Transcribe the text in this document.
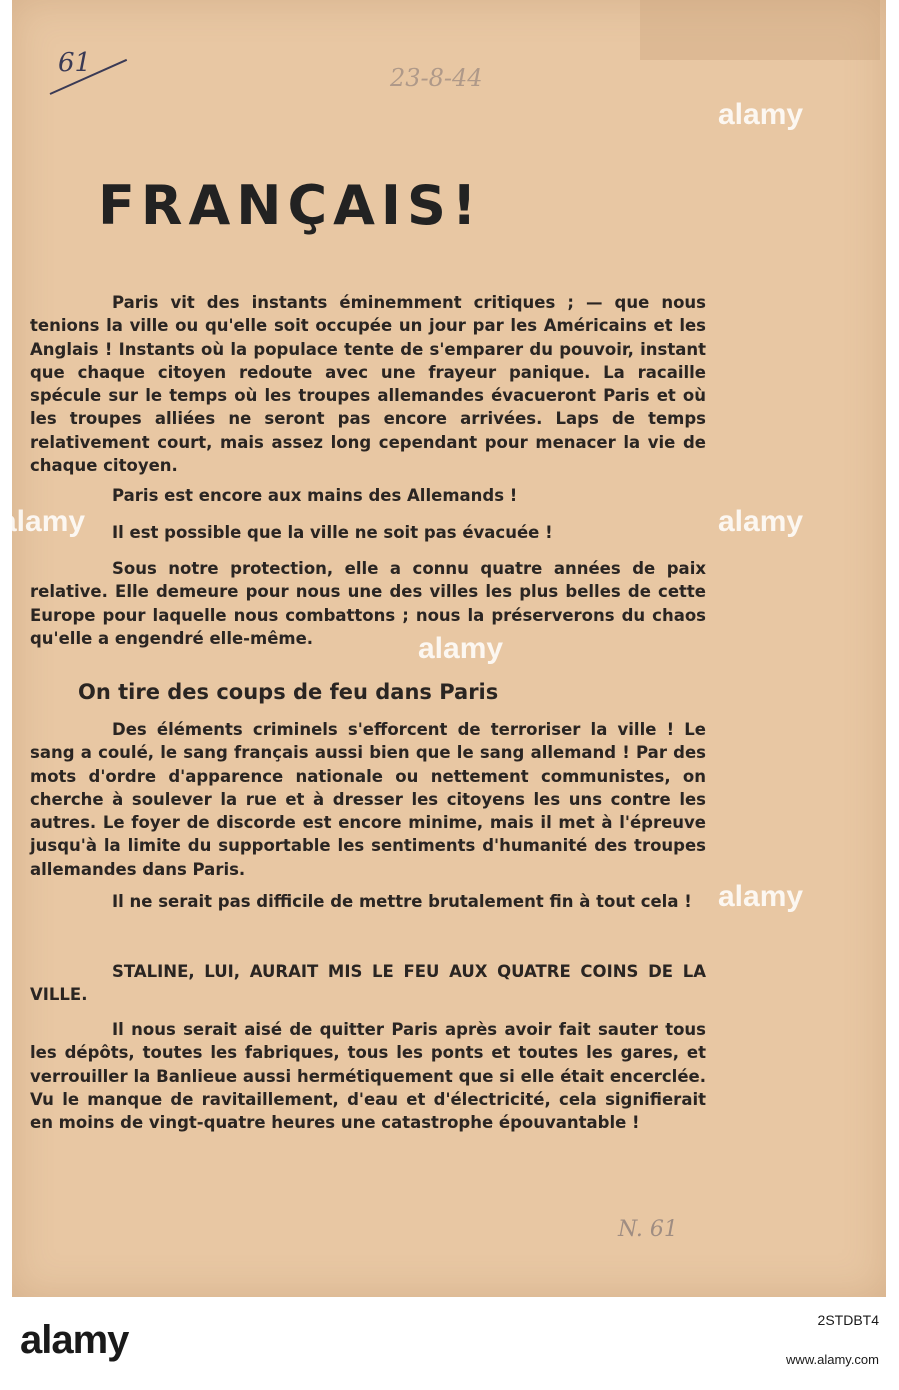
61	23-8-44
FRANÇAIS!

Paris vit des instants éminemment critiques ; — que nous tenions la ville ou qu'elle soit occupée un jour par les Américains et les Anglais ! Instants où la populace tente de s'emparer du pouvoir, instant que chaque citoyen redoute avec une frayeur panique. La racaille spécule sur le temps où les troupes allemandes évacueront Paris et où les troupes alliées ne seront pas encore arrivées. Laps de temps relativement court, mais assez long cependant pour menacer la vie de chaque citoyen.

Paris est encore aux mains des Allemands !

Il est possible que la ville ne soit pas évacuée !

Sous notre protection, elle a connu quatre années de paix relative. Elle demeure pour nous une des villes les plus belles de cette Europe pour laquelle nous combattons ; nous la préserverons du chaos qu'elle a engendré elle-même.

On tire des coups de feu dans Paris

Des éléments criminels s'efforcent de terroriser la ville ! Le sang a coulé, le sang français aussi bien que le sang allemand ! Par des mots d'ordre d'apparence nationale ou nettement communistes, on cherche à soulever la rue et à dresser les citoyens les uns contre les autres. Le foyer de discorde est encore minime, mais il met à l'épreuve jusqu'à la limite du supportable les sentiments d'humanité des troupes allemandes dans Paris.

Il ne serait pas difficile de mettre brutalement fin à tout cela !

STALINE, LUI, AURAIT MIS LE FEU AUX QUATRE COINS DE LA VILLE.

Il nous serait aisé de quitter Paris après avoir fait sauter tous les dépôts, toutes les fabriques, tous les ponts et toutes les gares, et verrouiller la Banlieue aussi hermétiquement que si elle était encerclée. Vu le manque de ravitaillement, d'eau et d'électricité, cela signifierait en moins de vingt-quatre heures une catastrophe épouvantable !

N. 61
alamy
alamy
alamy
alamy
alamy
alamy	2STDBT4
www.alamy.com
